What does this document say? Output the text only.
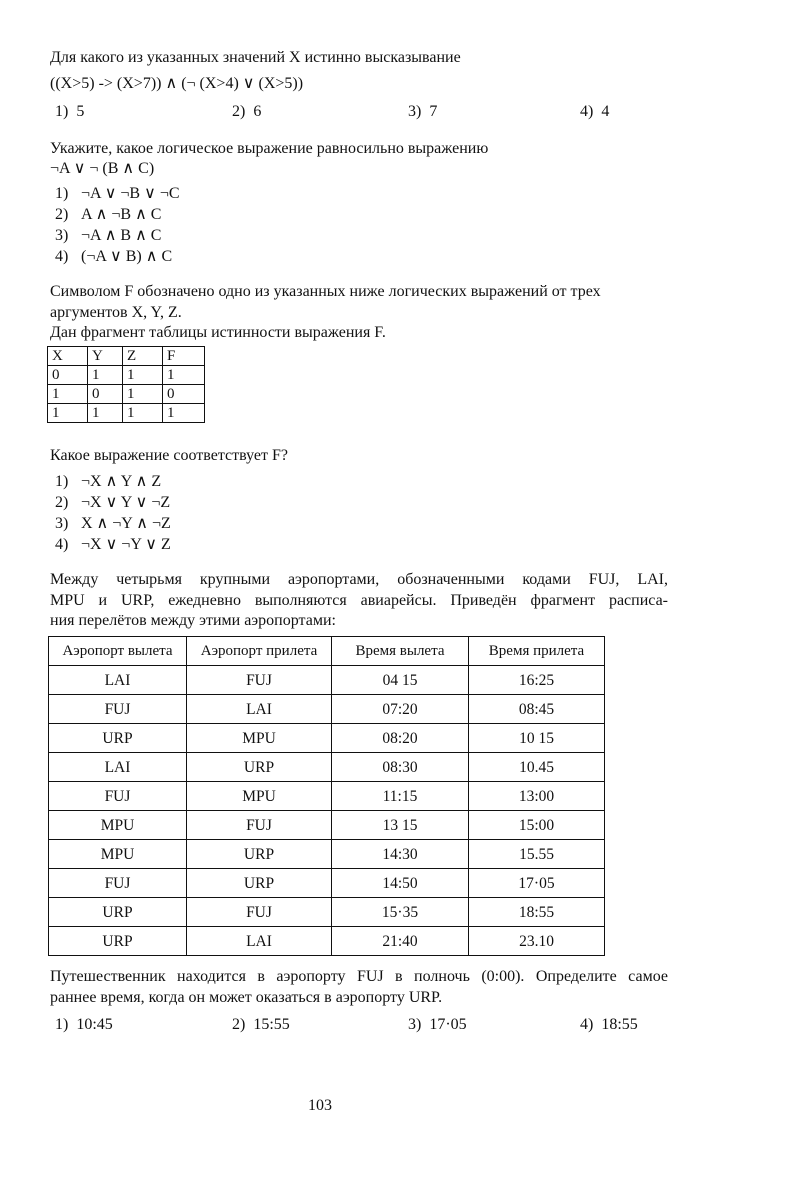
Для какого из указанных значений X истинно высказывание
((X>5) -> (X>7)) ∧ (¬ (X>4) ∨ (X>5))
1) 5	2) 6	3) 7	4) 4
Укажите, какое логическое выражение равносильно выражению
¬A ∨ ¬ (B ∧ C)
1) ¬A ∨ ¬B ∨ ¬C
2) A ∧ ¬B ∧ C
3) ¬A ∧ B ∧ C
4) (¬A ∨ B) ∧ C
Символом F обозначено одно из указанных ниже логических выражений от трех
аргументов X, Y, Z.
Дан фрагмент таблицы истинности выражения F.
X	Y	Z	F
0	1	1	1
1	0	1	0
1	1	1	1
Какое выражение соответствует F?
1) ¬X ∧ Y ∧ Z
2) ¬X ∨ Y ∨ ¬Z
3) X ∧ ¬Y ∧ ¬Z
4) ¬X ∨ ¬Y ∨ Z
Между четырьмя крупными аэропортами, обозначенными кодами FUJ, LAI,
MPU и URP, ежедневно выполняются авиарейсы. Приведён фрагмент расписа-
ния перелётов между этими аэропортами:
Аэропорт вылета	Аэропорт прилета	Время вылета	Время прилета
LAI	FUJ	04 15	16:25
FUJ	LAI	07:20	08:45
URP	MPU	08:20	10 15
LAI	URP	08:30	10.45
FUJ	MPU	11:15	13:00
MPU	FUJ	13 15	15:00
MPU	URP	14:30	15.55
FUJ	URP	14:50	17·05
URP	FUJ	15·35	18:55
URP	LAI	21:40	23.10
Путешественник находится в аэропорту FUJ в полночь (0:00). Определите самое
раннее время, когда он может оказаться в аэропорту URP.
1) 10:45	2) 15:55	3) 17·05	4) 18:55
103
